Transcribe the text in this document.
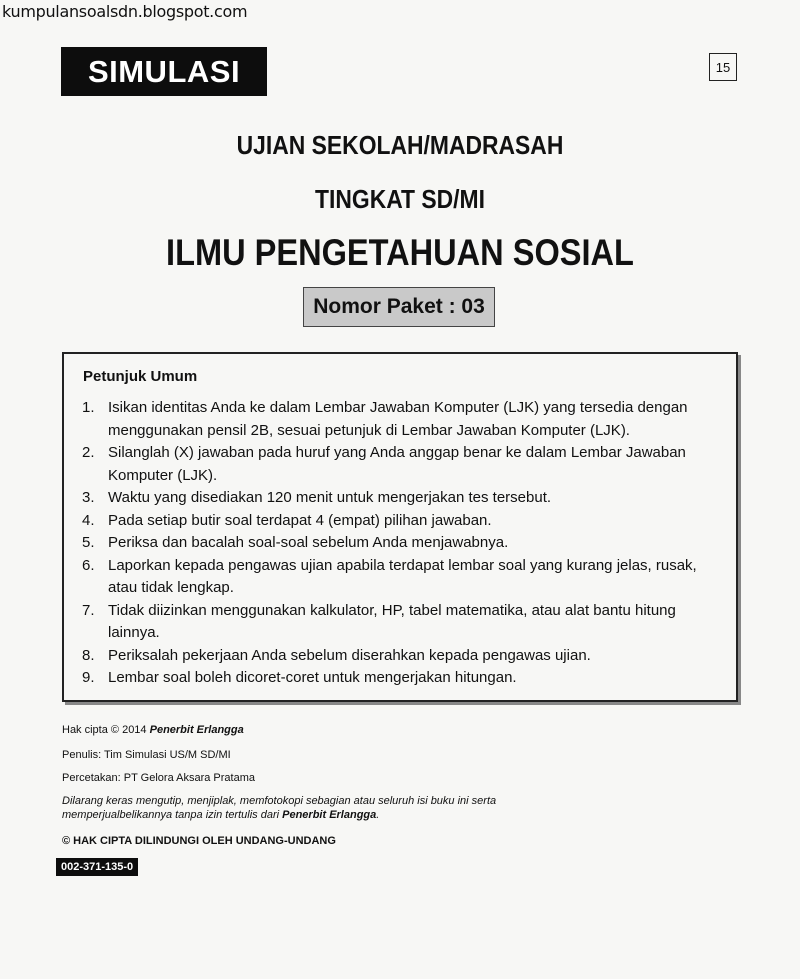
kumpulansoalsdn.blogspot.com
SIMULASI	15
UJIAN SEKOLAH/MADRASAH
TINGKAT SD/MI
ILMU PENGETAHUAN SOSIAL
Nomor Paket : 03
Petunjuk Umum
1. Isikan identitas Anda ke dalam Lembar Jawaban Komputer (LJK) yang tersedia dengan menggunakan pensil 2B, sesuai petunjuk di Lembar Jawaban Komputer (LJK).
2. Silanglah (X) jawaban pada huruf yang Anda anggap benar ke dalam Lembar Jawaban Komputer (LJK).
3. Waktu yang disediakan 120 menit untuk mengerjakan tes tersebut.
4. Pada setiap butir soal terdapat 4 (empat) pilihan jawaban.
5. Periksa dan bacalah soal-soal sebelum Anda menjawabnya.
6. Laporkan kepada pengawas ujian apabila terdapat lembar soal yang kurang jelas, rusak, atau tidak lengkap.
7. Tidak diizinkan menggunakan kalkulator, HP, tabel matematika, atau alat bantu hitung lainnya.
8. Periksalah pekerjaan Anda sebelum diserahkan kepada pengawas ujian.
9. Lembar soal boleh dicoret-coret untuk mengerjakan hitungan.
Hak cipta © 2014 Penerbit Erlangga
Penulis: Tim Simulasi US/M SD/MI
Percetakan: PT Gelora Aksara Pratama
Dilarang keras mengutip, menjiplak, memfotokopi sebagian atau seluruh isi buku ini serta memperjualbelikannya tanpa izin tertulis dari Penerbit Erlangga.
© HAK CIPTA DILINDUNGI OLEH UNDANG-UNDANG
002-371-135-0
